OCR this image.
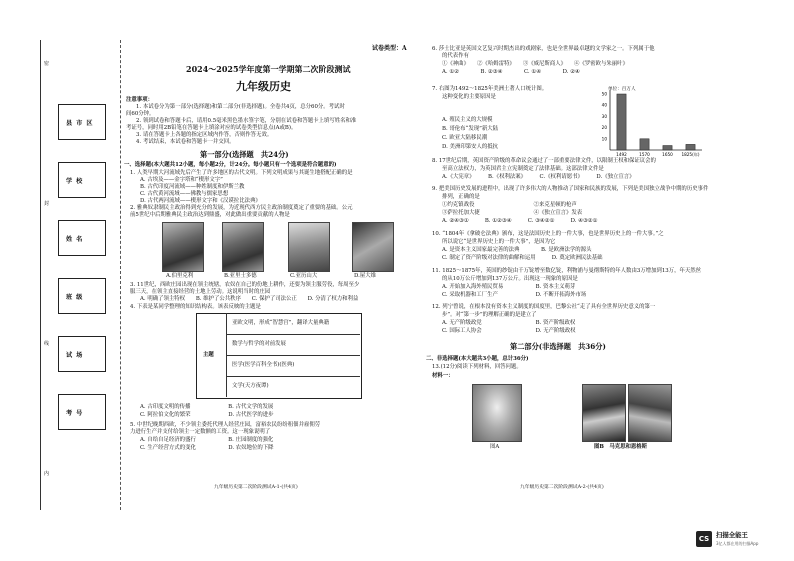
密
封
线
内
县市区
学校
姓名
班级
试场
考号
试卷类型：A
2024～2025学年度第一学期第二次阶段测试
九年级历史
注意事项：
1. 本试卷分为第一部分(选择题)和第二部分(非选择题)。全卷共4页，总分60分。考试时
间60分钟。
2. 领到试卷和答题卡后，请用0.5毫米黑色墨水签字笔，分别在试卷和答题卡上填写姓名和准
考证号，同时用2B铅笔在答题卡上填涂对应的试卷类型信息点(A或B)。
3. 请在答题卡上各题的指定区域内作答，否则作答无效。
4. 考试结束，本试卷和答题卡一并交回。
第一部分(选择题　共24分)
一、选择题(本大题共12小题，每小题2分，计24分。每小题只有一个选项是符合题意的)
1. 人类早期大河流域先后产生了许多地区的古代文明。下列文明成果与其诞生地搭配正确的是
A. 古埃及——金字塔和“楔形文字”
B. 古代印度河流域——种姓制度和伊斯兰教
C. 古代黄河流域——佛教与儒家思想
D. 古代两河流域——楔形文字和《汉谟拉比法典》
2. 雅典奴隶制民主政治得到充分的发展，为近现代西方民主政治制度奠定了重要的基础。公元
前5世纪中后期雅典民主政治达到鼎盛，对此做出重要贡献的人物是
A.伯里克利	B.亚里士多德	C.亚历山大	D.屋大维
3. 11世纪，西欧庄园出现在领主统辖，农奴在自己的份地上耕作，还要为领主服劳役，每周至少
服三天，在领主直接经营的土地上劳动。这说明当时的庄园
A. 明确了领主特权　　B. 维护了公共秩序　　C. 保护了司法公正　　D. 分清了权力和利益
4. 下表是某同学整理的知识结构表。该表反映的主题是
主题
亚欧文明，形成“智慧宫”，翻译大量典籍
数学与哲学的对前发展
医学(医学百科全书)(医典)
文学(天方夜谭)
A. 古印度文明的传播　　　　　　　B. 古代文学的发展
C. 阿拉伯文化的繁荣　　　　　　　D. 古代医学的进步
5. 中世纪晚期西欧，不少领主委托代理人经营庄园，富裕农民纷纷租佃并雇佣劳
力进行生产并支付给领主一定数额的工资。这一现象说明了
A. 自给自足经济的盛行　　　　　　B. 庄园制度的强化
C. 生产经营方式的变化　　　　　　D. 农奴地位的下降
九年级历史第二次阶段测试A-1-(共4页)
6. 莎士比亚是英国文艺复兴时期杰出的戏剧家，也是全世界最卓越的文学家之一。下列属于他
的代表作有
①《神曲》　　②《哈姆雷特》　　③《威尼斯商人》　　④《罗密欧与朱丽叶》
A. ①②　　　　B. ②③④　　　　C. ①④　　　　D. ②④
7. 右图为1492～1825年美洲土著人口统计图。
这种变化的主要原因是
A. 殖民主义的大规模
B. 哥伦布“发现”新大陆
C. 欧亚大陆移民潮
D. 美洲印第安人的抵抗
单位：百万人
50
40
30
20
10
1492	1570	1650 1825(年)
8. 17世纪后期，英国资产阶级的革命议会通过了一部重要法律文件，以限制王权和保证议会的
至高立法权力，为英国君主立宪制奠定了法律基础。这部法律文件是
A.《大宪章》　　　B.《权利法案》　　　C.《权利请愿书》　　　D.《独立宣言》
9. 把美国历史发展的进程中，出现了许多伟大的人物推动了国家和民族的发展，下列是美国独立战争中期的历史事件
排列，正确的是
①约克镇战役　　　　　　　　　　　②来克星顿的枪声
③萨拉托加大捷　　　　　　　　　　④《独立宣言》发表
A. ②④③①　　　B. ①②③④　　　C. ③④②①　　　D. ④③②①
10. “1804年《拿破仑法典》颁布，这是法国历史上的一件大事，也是世界历史上的一件大事。”之
所以说它“是世界历史上的一件大事”，是因为它
A. 是资本主义国家最完善的法典　　　　B. 是欧洲法学的源头
C. 制定了资产阶级对法律的曲解和运用　　　D. 奠定欧洲民法基础
11. 1825～1875年，英国的纱锭由千万锭增至数亿锭，利物浦与曼彻斯特的年人数由3万增加到13万，年天然丝
的从10万公斤增加到137万公斤。出现这一现象的原因是
A. 开始加入海外殖民贸易　　　　　　B. 资本主义萌芽
C. 采取机器和工厂生产　　　　　　　D. 不断开拓海外市场
12. 列宁曾说，在根本没有资本主义制度的国度里，巴黎公社“走了具有全世界历史意义的第一
步”。对“第一步”的理解正确的是建立了
A. 无产阶级政党　　　　　　　　　　B. 资产阶级政权
C. 国际工人协会　　　　　　　　　　D. 无产阶级政权
第二部分(非选择题　共36分)
二、非选择题(本大题共3小题，总计36分)
13.(12分)阅读下列材料，回答问题。
材料一：
图A	图B　马克思和恩格斯
九年级历史第二次阶段测试A-2-(共4页)
CS	扫描全能王
3亿人都在用的扫描App
